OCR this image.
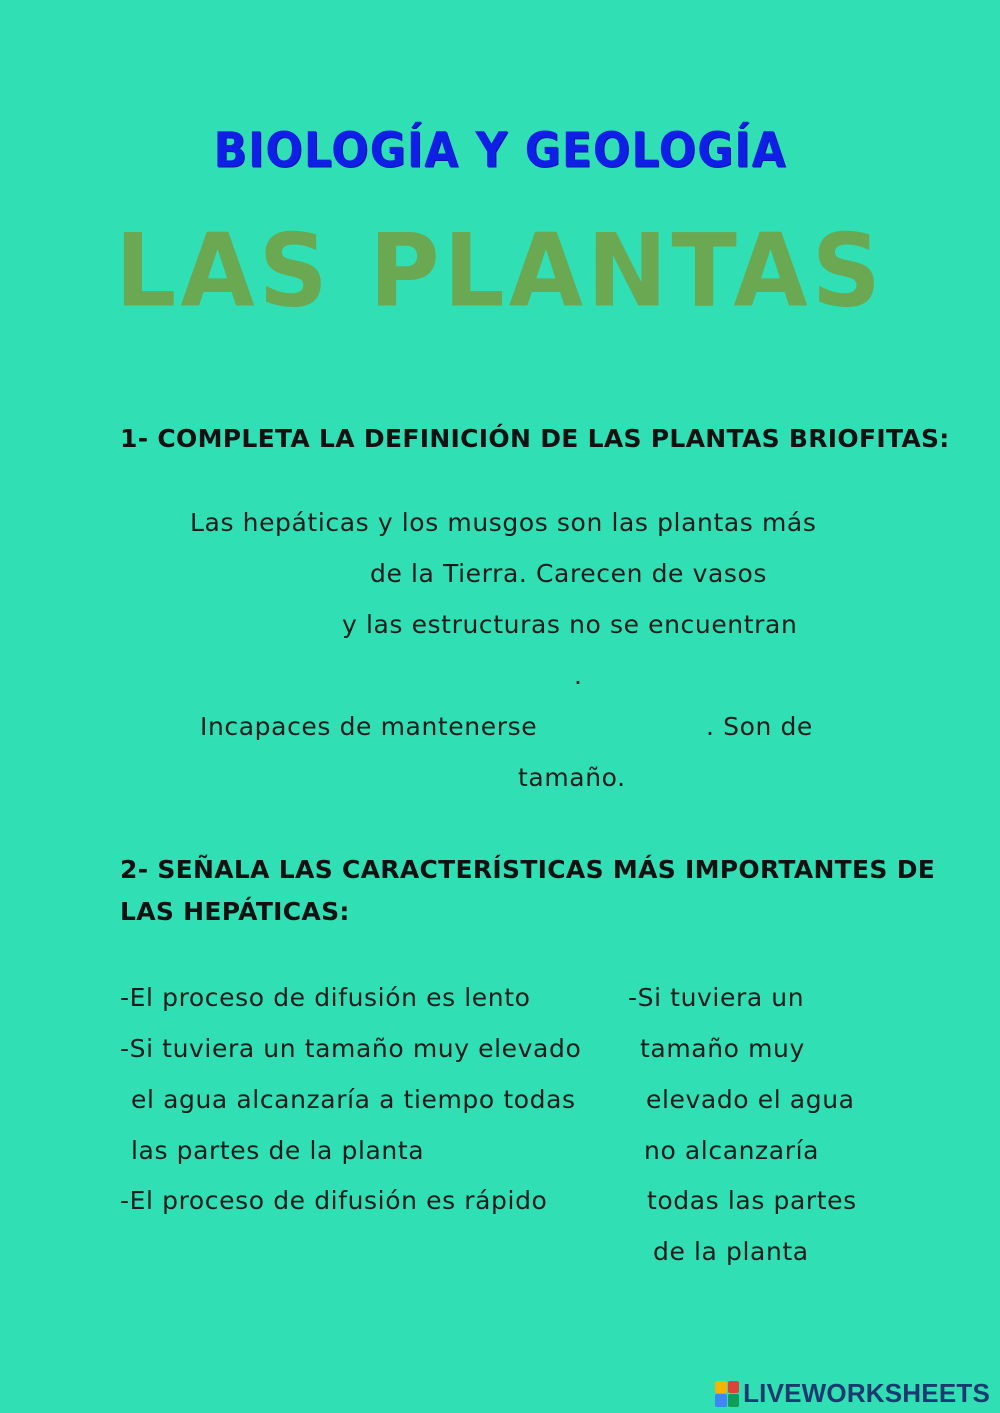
BIOLOGÍA Y GEOLOGÍA
LAS PLANTAS
1- COMPLETA LA DEFINICIÓN DE LAS PLANTAS BRIOFITAS:
Las hepáticas y los musgos son las plantas más
de la Tierra. Carecen de vasos
y las estructuras no se encuentran
.
Incapaces de mantenerse	. Son de
tamaño.
2- SEÑALA LAS CARACTERÍSTICAS MÁS IMPORTANTES DE
LAS HEPÁTICAS:
-El proceso de difusión es lento
-Si tuviera un tamaño muy elevado
el agua alcanzaría a tiempo todas
las partes de la planta
-El proceso de difusión es rápido
-Si tuviera un
tamaño muy
elevado el agua
no alcanzaría
todas las partes
de la planta
LIVEWORKSHEETS
